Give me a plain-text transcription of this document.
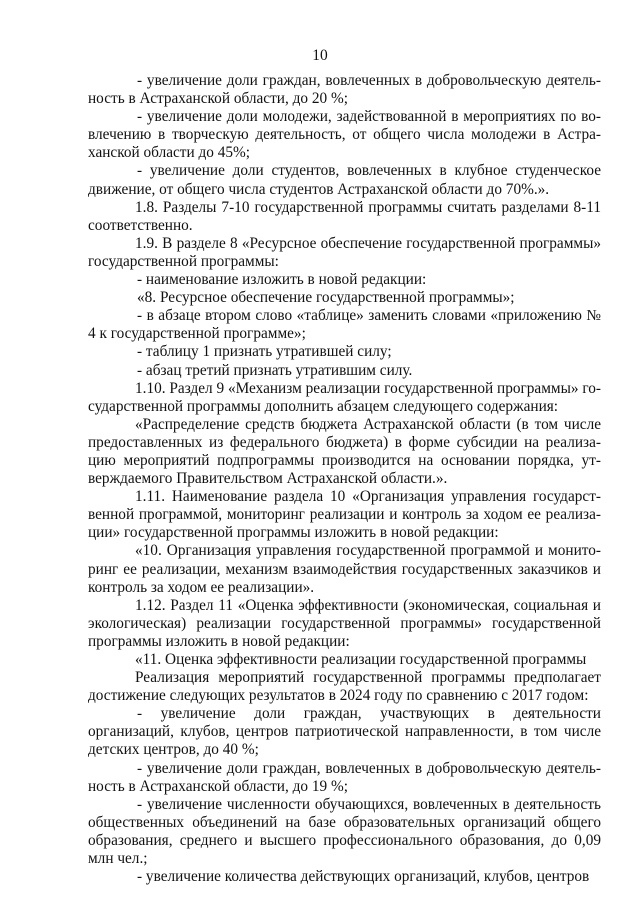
10

- увеличение доли граждан, вовлеченных в добровольческую деятельность в Астраханской области, до 20 %;

- увеличение доли молодежи, задействованной в мероприятиях по вовлечению в творческую деятельность, от общего числа молодежи в Астраханской области до 45%;

- увеличение доли студентов, вовлеченных в клубное студенческое движение, от общего числа студентов Астраханской области до 70%.».

1.8. Разделы 7-10 государственной программы считать разделами 8-11 соответственно.

1.9. В разделе 8 «Ресурсное обеспечение государственной программы» государственной программы:

- наименование изложить в новой редакции:

«8. Ресурсное обеспечение государственной программы»;

- в абзаце втором слово «таблице» заменить словами «приложению № 4 к государственной программе»;

- таблицу 1 признать утратившей силу;

- абзац третий признать утратившим силу.

1.10. Раздел 9 «Механизм реализации государственной программы» государственной программы дополнить абзацем следующего содержания:

«Распределение средств бюджета Астраханской области (в том числе предоставленных из федерального бюджета) в форме субсидии на реализацию мероприятий подпрограммы производится на основании порядка, утверждаемого Правительством Астраханской области.».

1.11. Наименование раздела 10 «Организация управления государственной программой, мониторинг реализации и контроль за ходом ее реализации» государственной программы изложить в новой редакции:

«10. Организация управления государственной программой и мониторинг ее реализации, механизм взаимодействия государственных заказчиков и контроль за ходом ее реализации».

1.12. Раздел 11 «Оценка эффективности (экономическая, социальная и экологическая) реализации государственной программы» государственной программы изложить в новой редакции:

«11. Оценка эффективности реализации государственной программы

Реализация мероприятий государственной программы предполагает достижение следующих результатов в 2024 году по сравнению с 2017 годом:

- увеличение доли граждан, участвующих в деятельности организаций, клубов, центров патриотической направленности, в том числе детских центров, до 40 %;

- увеличение доли граждан, вовлеченных в добровольческую деятельность в Астраханской области, до 19 %;

- увеличение численности обучающихся, вовлеченных в деятельность общественных объединений на базе образовательных организаций общего образования, среднего и высшего профессионального образования, до 0,09 млн чел.;

- увеличение количества действующих организаций, клубов, центров
